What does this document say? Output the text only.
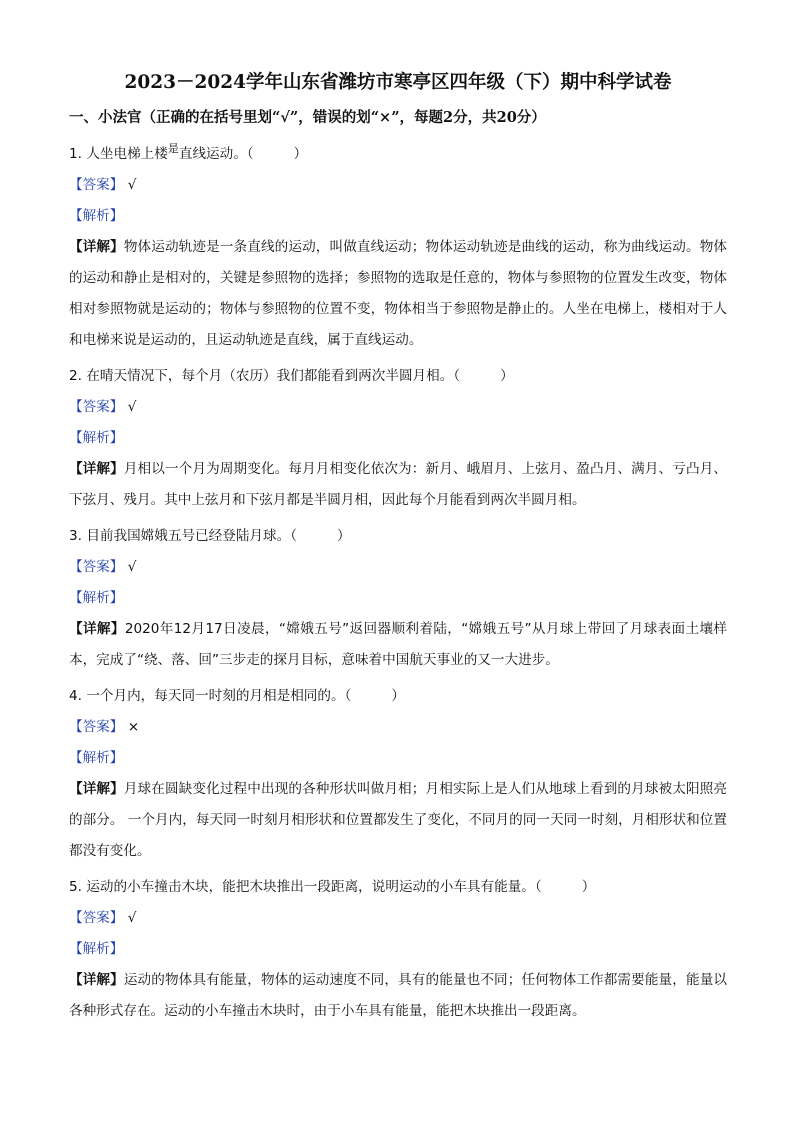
2023－2024学年山东省潍坊市寒亭区四年级（下）期中科学试卷
一、小法官（正确的在括号里划“√”，错误的划“×”，每题2分，共20分）
1. 人坐电梯上楼$^是$直线运动。（	）
【答案】 √
【解析】
【详解】物体运动轨迹是一条直线的运动，叫做直线运动；物体运动轨迹是曲线的运动，称为曲线运动。物体的运动和静止是相对的，关键是参照物的选择；参照物的选取是任意的，物体与参照物的位置发生改变，物体相对参照物就是运动的；物体与参照物的位置不变，物体相当于参照物是静止的。人坐在电梯上，楼相对于人和电梯来说是运动的，且运动轨迹是直线，属于直线运动。
2. 在晴天情况下，每个月（农历）我们都能看到两次半圆月相。（	）
【答案】 √
【解析】
【详解】月相以一个月为周期变化。每月月相变化依次为：新月、峨眉月、上弦月、盈凸月、满月、亏凸月、下弦月、残月。其中上弦月和下弦月都是半圆月相，因此每个月能看到两次半圆月相。
3. 目前我国嫦娥五号已经登陆月球。（	）
【答案】 √
【解析】
【详解】2020年12月17日凌晨，“嫦娥五号”返回器顺利着陆，“嫦娥五号”从月球上带回了月球表面土壤样本，完成了“绕、落、回”三步走的探月目标，意味着中国航天事业的又一大进步。
4. 一个月内，每天同一时刻的月相是相同的。（	）
【答案】 ×
【解析】
【详解】月球在圆缺变化过程中出现的各种形状叫做月相；月相实际上是人们从地球上看到的月球被太阳照亮的部分。 一个月内，每天同一时刻月相形状和位置都发生了变化，不同月的同一天同一时刻，月相形状和位置都没有变化。
5. 运动的小车撞击木块，能把木块推出一段距离，说明运动的小车具有能量。（	）
【答案】 √
【解析】
【详解】运动的物体具有能量，物体的运动速度不同，具有的能量也不同；任何物体工作都需要能量，能量以各种形式存在。运动的小车撞击木块时，由于小车具有能量，能把木块推出一段距离。
